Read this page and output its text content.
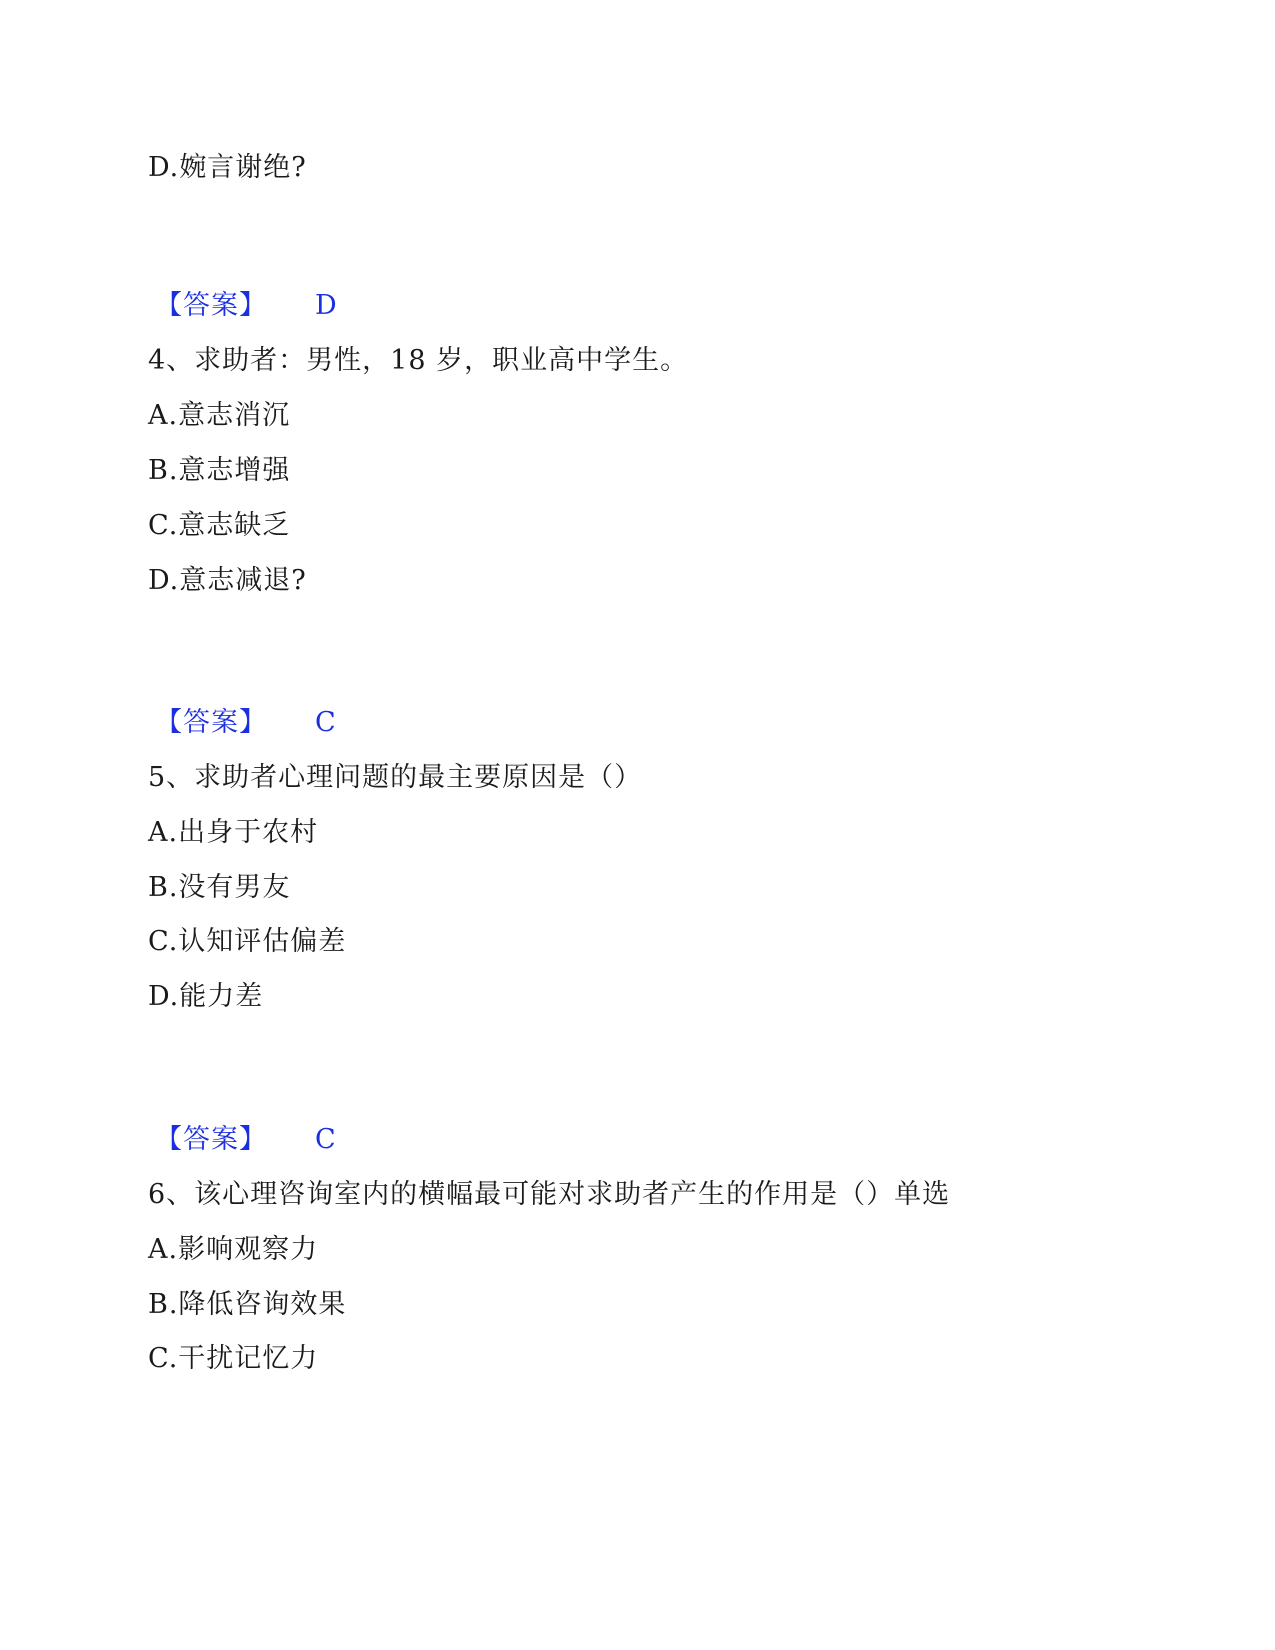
D.婉言谢绝?
【答案】 D
4、求助者：男性，18 岁，职业高中学生。
A.意志消沉
B.意志增强
C.意志缺乏
D.意志减退?
【答案】 C
5、求助者心理问题的最主要原因是（）
A.出身于农村
B.没有男友
C.认知评估偏差
D.能力差
【答案】 C
6、该心理咨询室内的横幅最可能对求助者产生的作用是（）单选
A.影响观察力
B.降低咨询效果
C.干扰记忆力
